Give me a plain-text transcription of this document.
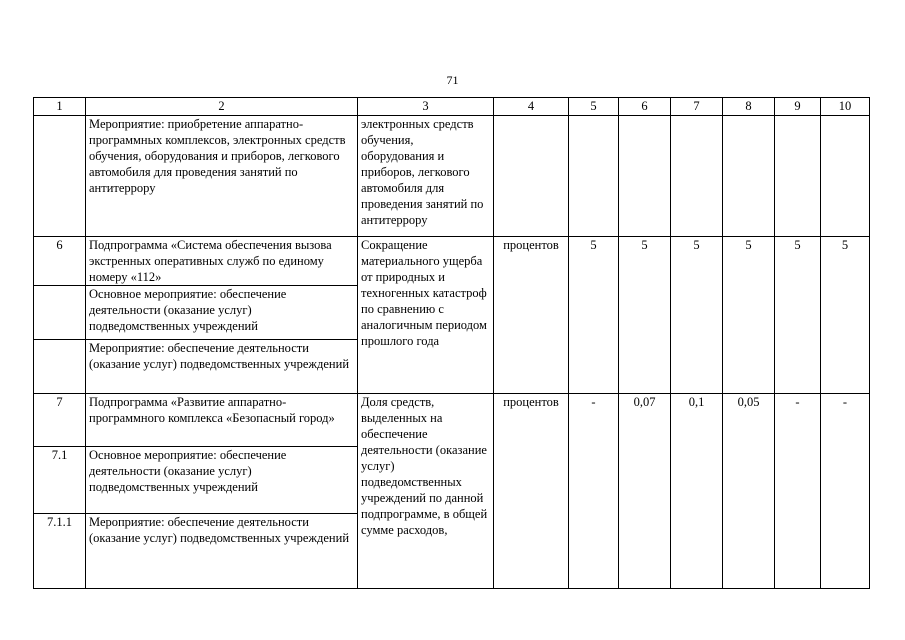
71
1	2	3	4	5	6	7	8	9	10
	Мероприятие: приобретение аппаратно-программных комплексов, электронных средств обучения, оборудования и приборов, легкового автомобиля для проведения занятий по антитеррору	электронных средств обучения, оборудования и приборов, легкового автомобиля для проведения занятий по антитеррору							
6	Подпрограмма «Система обеспечения вызова экстренных оперативных служб по единому номеру «112»	Сокращение материального ущерба от природных и техногенных катастроф по сравнению с аналогичным периодом прошлого года	процентов	5	5	5	5	5	5
	Основное мероприятие: обеспечение деятельности (оказание услуг) подведомственных учреждений								
	Мероприятие: обеспечение деятельности (оказание услуг) подведомственных учреждений								
7	Подпрограмма «Развитие аппаратно-программного комплекса «Безопасный город»	Доля средств, выделенных на обеспечение деятельности (оказание услуг) подведомственных учреждений по данной подпрограмме, в общей сумме расходов,	процентов	-	0,07	0,1	0,05	-	-
7.1	Основное мероприятие: обеспечение деятельности (оказание услуг) подведомственных учреждений								
7.1.1	Мероприятие: обеспечение деятельности (оказание услуг) подведомственных учреждений								
